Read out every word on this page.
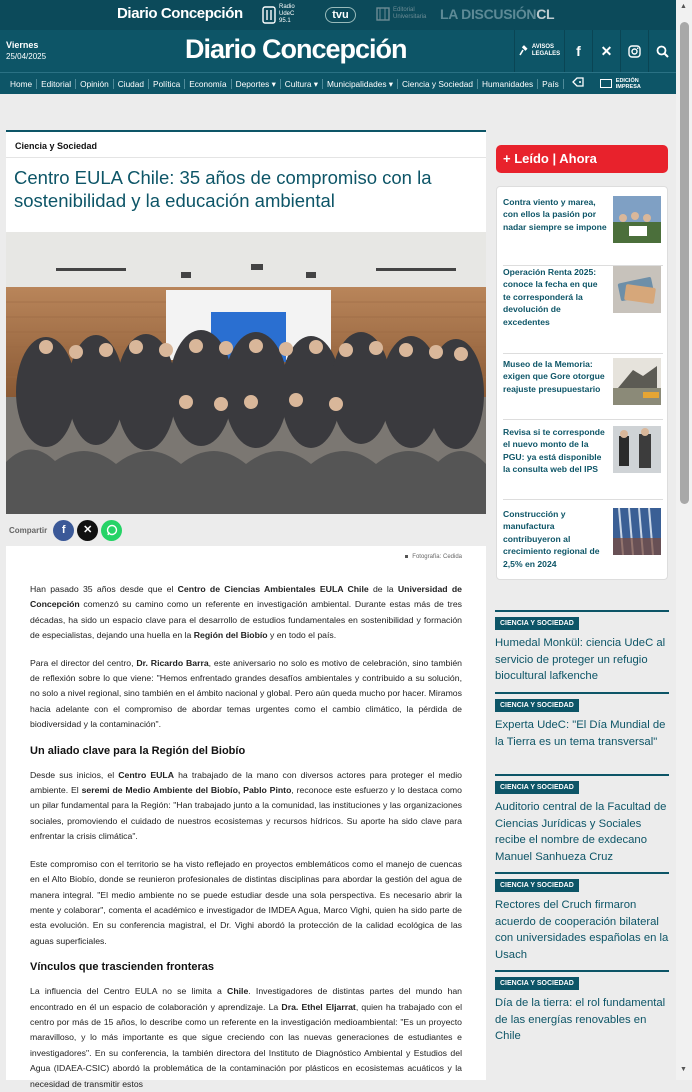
Diario Concepción	Radio
UdeC
95.1	tvu	Editorial
Universitaria LA DISCUSIÓNCL
Viernes
25/04/2025	Diario Concepción	AVISOS
LEGALES f ✕
Home	Editorial	Opinión	Ciudad	Política	Economía	Deportes ▾	Cultura ▾	Municipalidades ▾	Ciencia y Sociedad	Humanidades	País	EDICIÓN
IMPRESA
Ciencia y Sociedad
Centro EULA Chile: 35 años de compromiso con la sostenibilidad y la educación ambiental
Compartir	f	✕
Fotografía: Cedida

Han pasado 35 años desde que el Centro de Ciencias Ambientales EULA Chile de la Universidad de Concepción comenzó su camino como un referente en investigación ambiental. Durante estas más de tres décadas, ha sido un espacio clave para el desarrollo de estudios fundamentales en sostenibilidad y formación de especialistas, dejando una huella en la Región del Biobío y en todo el país.

Para el director del centro, Dr. Ricardo Barra, este aniversario no solo es motivo de celebración, sino también de reflexión sobre lo que viene: "Hemos enfrentado grandes desafíos ambientales y contribuido a su solución, no solo a nivel regional, sino también en el ámbito nacional y global. Pero aún queda mucho por hacer. Miramos hacia adelante con el compromiso de abordar temas urgentes como el cambio climático, la pérdida de biodiversidad y la contaminación".

Un aliado clave para la Región del Biobío

Desde sus inicios, el Centro EULA ha trabajado de la mano con diversos actores para proteger el medio ambiente. El seremi de Medio Ambiente del Biobío, Pablo Pinto, reconoce este esfuerzo y lo destaca como un pilar fundamental para la Región: "Han trabajado junto a la comunidad, las instituciones y las organizaciones sociales, promoviendo el cuidado de nuestros ecosistemas y recursos hídricos. Su aporte ha sido clave para enfrentar la crisis climática".

Este compromiso con el territorio se ha visto reflejado en proyectos emblemáticos como el manejo de cuencas en el Alto Biobío, donde se reunieron profesionales de distintas disciplinas para abordar la gestión del agua de manera integral. "El medio ambiente no se puede estudiar desde una sola perspectiva. Es necesario abrir la mente y colaborar", comenta el académico e investigador de IMDEA Agua, Marco Vighi, quien ha sido parte de esta evolución. En su conferencia magistral, el Dr. Vighi abordó la protección de la calidad ecológica de las aguas superficiales.

Vínculos que trascienden fronteras

La influencia del Centro EULA no se limita a Chile. Investigadores de distintas partes del mundo han encontrado en él un espacio de colaboración y aprendizaje. La Dra. Ethel Eljarrat, quien ha trabajado con el centro por más de 15 años, lo describe como un referente en la investigación medioambiental: "Es un proyecto maravilloso, y lo más importante es que sigue creciendo con las nuevas generaciones de estudiantes e investigadores". En su conferencia, la también directora del Instituto de Diagnóstico Ambiental y Estudios del Agua (IDAEA-CSIC) abordó la problemática de la contaminación por plásticos en ecosistemas acuáticos y la necesidad de transmitir estos

+ Leído | Ahora
Contra viento y marea, con ellos la pasión por nadar siempre se impone
Operación Renta 2025: conoce la fecha en que te corresponderá la devolución de excedentes
Museo de la Memoria: exigen que Gore otorgue reajuste presupuestario
Revisa si te corresponde el nuevo monto de la PGU: ya está disponible la consulta web del IPS
Construcción y manufactura contribuyeron al crecimiento regional de 2,5% en 2024
CIENCIA Y SOCIEDAD
Humedal Monkül: ciencia UdeC al servicio de proteger un refugio biocultural lafkenche
CIENCIA Y SOCIEDAD
Experta UdeC: "El Día Mundial de la Tierra es un tema transversal"
CIENCIA Y SOCIEDAD
Auditorio central de la Facultad de Ciencias Jurídicas y Sociales recibe el nombre de exdecano Manuel Sanhueza Cruz
CIENCIA Y SOCIEDAD
Rectores del Cruch firmaron acuerdo de cooperación bilateral con universidades españolas en la Usach
CIENCIA Y SOCIEDAD
Día de la tierra: el rol fundamental de las energías renovables en Chile
▲
▼
